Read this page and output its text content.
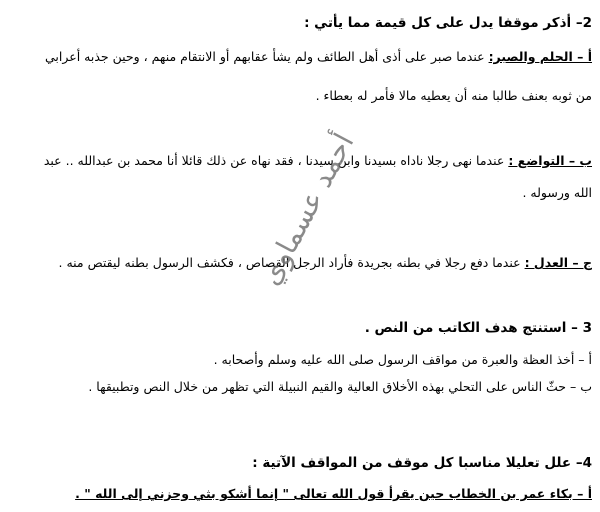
2– أذكر موقفا يدل على كل قيمة مما يأتي :
أ – الحلم والصبر: عندما صبر على أذى أهل الطائف ولم يشأ عقابهم أو الانتقام منهم ، وحين جذبه أعرابي
من ثوبه بعنف طالبا منه أن يعطيه مالا فأمر له بعطاء .
ب – التواضع : عندما نهى رجلا ناداه بسيدنا وابن سيدنا ، فقد نهاه عن ذلك قائلا أنا محمد بن عبدالله .. عبد
الله ورسوله .
ج – العدل : عندما دفع رجلا في بطنه بجريدة فأراد الرجل القصاص ، فكشف الرسول بطنه ليقتص منه .
3 – استنتج هدف الكاتب من النص .
أ – أخذ العظة والعبرة من مواقف الرسول صلى الله عليه وسلم وأصحابه .
ب – حثّ الناس على التحلي بهذه الأخلاق العالية والقيم النبيلة التي تظهر من خلال النص وتطبيقها .
4– علل تعليلا مناسبا كل موقف من المواقف الآتية :
أ – بكاء عمر بن الخطاب حين يقرأ قول الله تعالى " إنما أشكو بثي وحزني إلى الله " .
أحمد عسماوي
